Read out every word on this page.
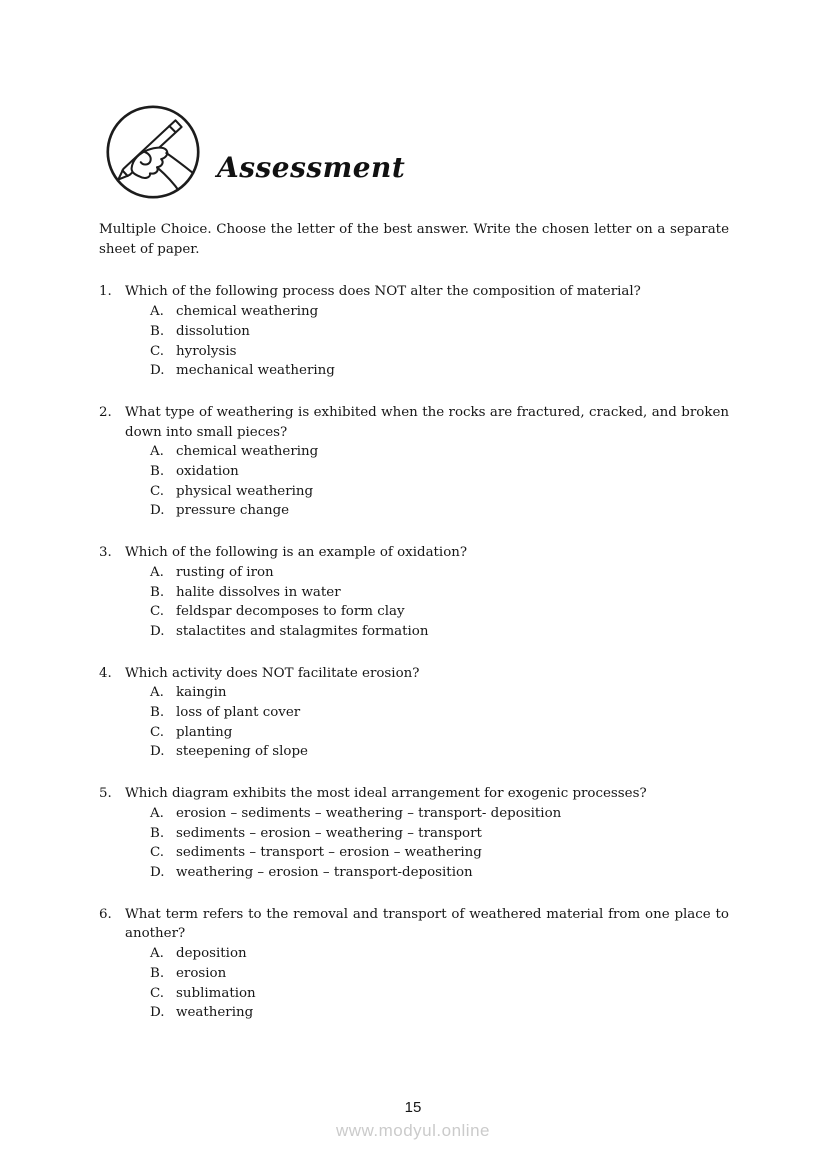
Assessment

Multiple Choice. Choose the letter of the best answer. Write the chosen letter on a separate sheet of paper.

1. Which of the following process does NOT alter the composition of material?
A. chemical weathering
B. dissolution
C. hyrolysis
D. mechanical weathering
2. What type of weathering is exhibited when the rocks are fractured, cracked, and broken down into small pieces?
A. chemical weathering
B. oxidation
C. physical weathering
D. pressure change
3. Which of the following is an example of oxidation?
A. rusting of iron
B. halite dissolves in water
C. feldspar decomposes to form clay
D. stalactites and stalagmites formation
4. Which activity does NOT facilitate erosion?
A. kaingin
B. loss of plant cover
C. planting
D. steepening of slope
5. Which diagram exhibits the most ideal arrangement for exogenic processes?
A. erosion – sediments – weathering – transport- deposition
B. sediments – erosion – weathering – transport
C. sediments – transport – erosion – weathering
D. weathering – erosion – transport-deposition
6. What term refers to the removal and transport of weathered material from one place to another?
A. deposition
B. erosion
C. sublimation
D. weathering
15
www.modyul.online
